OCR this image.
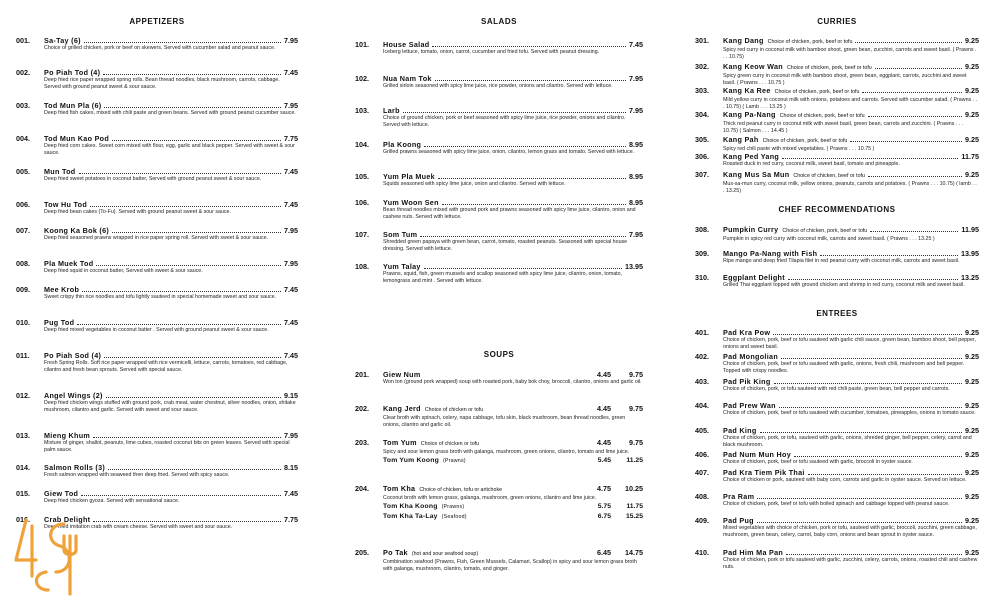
APPETIZERS
001.	Sa-Tay (6)	7.95
Choice of grilled chicken, pork or beef on skewers. Served with cucumber salad and peanut sauce.
002.	Po Piah Tod (4)	7.45
Deep fried rice paper wrapped spring rolls. Bean thread noodles, black mushroom, carrots, cabbage. Served with ground peanut sweet & sour sauce.
003.	Tod Mun Pla (6)	7.95
Deep fried fish cakes, mixed with chili paste and green beans. Served with ground peanut cucumber sauce.
004.	Tod Mun Kao Pod	7.75
Deep fried corn cakes. Sweet corn mixed with flour, egg, garlic and black pepper. Served with sweet & sour sauce.
005.	Mun Tod	7.45
Deep fried sweet potatoes in coconut batter, Served with ground peanut sweet & sour sauce.
006.	Tow Hu Tod	7.45
Deep fried bean cakes (To-Fu). Served with ground peanut sweet & sour sauce.
007.	Koong Ka Bok (6)	7.95
Deep fried seasoned prawns wrapped in rice paper spring roll. Served with sweet & sour sauce.
008.	Pla Muek Tod	7.95
Deep fried squid in coconut batter, Served with sweet & sour sauce.
009.	Mee Krob	7.45
Sweet crispy thin rice noodles and tofu lightly sauteed in special homemade sweet and sour sauce.
010.	Pug Tod	7.45
Deep fried mixed vegetables in coconut batter . Served with ground peanut sweet & sour sauce.
011.	Po Piah Sod (4)	7.45
Fresh Spring Rolls. Soft rice paper wrapped with rice vermicelli, lettuce, carrots, tomatoes, red cabbage, cilantro and fresh bean sprouts. Served with special sauce.
012.	Angel Wings (2)	9.15
Deep fried chicken wings stuffed with ground pork, crab meat, water chestnut, silver noodles, onion, shitake mushroom, cilantro and garlic. Served with sweet and sour sauce.
013.	Mieng Khum	7.95
Mixture of ginger, shallot, peanuts, lime cubes, roasted coconut bits on green leaves. Served with special palm sauce.
014.	Salmon Rolls (3)	8.15
Fresh salmon wrapped with seaweed then deep fried. Served with spicy sauce.
015.	Giew Tod	7.45
Deep fried chicken gyoza. Served with sensational sauce.
016.	Crab Delight	7.75
Deep fried imitation crab with cream cheese. Served with sweet and sour sauce.
SALADS
101.	House Salad	7.45
Iceberg lettuce, tomato, onion, carrot, cucumber and fried tofu. Served with peanut dressing.
102.	Nua Nam Tok	7.95
Grilled sirloin seasoned with spicy lime juice, rice powder, onions and cilantro. Served with lettuce.
103.	Larb	7.95
Choice of ground chicken, pork or beef seasoned with spicy lime juice, rice powder, onions and cilantro. Served with lettuce.
104.	Pla Koong	8.95
Grilled prawns seasoned with spicy lime juice, onion, cilantro, lemon grass and tomato. Served with lettuce.
105.	Yum Pla Muek	8.95
Squids seasoned with spicy lime juice, onion and cilantro. Served with lettuce.
106.	Yum Woon Sen	8.95
Bean thread noodles mixed with ground pork and prawns seasoned with spicy lime juice, cilantro, onion and cashew nuts. Served with lettuce.
107.	Som Tum	7.95
Shredded green papaya with green bean, carrot, tomato, roasted peanuts. Seasoned with special house dressing. Served with lettuce.
108.	Yum Talay	13.95
Prawns, squid, fish, green mussels and scallop seasoned with spicy lime juice, cilantro, onion, tomato, lemongrass and mint . Served with lettuce.
SOUPS
201.	Giew Num	4.45	9.75
Won ton (ground pork wrapped) soup with roasted pork, baby bok choy, broccoli, cilantro, onions and garlic oil.
202.	Kang Jerd Choice of chicken or tofu	4.45	9.75
Clear broth with spinach, celery, napa cabbage, tofu skin, black mushroom, bean thread noodles, green onions, cilantro and garlic oil.
203.	Tom Yum Choice of chicken or tofu	4.45	9.75
Spicy and sour lemon grass broth with galanga, mushroom, green onions, cilantro, tomato and lime juice.
Tom Yum Koong (Prawns)	5.45	11.25
204.	Tom Kha Choice of chicken, tofu or artichoke	4.75	10.25
Coconut broth with lemon grass, galanga, mushroom, green onions, cilantro and lime juice.
Tom Kha Koong (Prawns)	5.75	11.75
Tom Kha Ta-Lay (Seafood)	6.75	15.25
205.	Po Tak (hot and sour seafood soup)	6.45	14.75
Combination seafood (Prawns, Fish, Green Mussels, Calamari, Scallop) in spicy and sour lemon grass broth with galanga, mushroom, cilantro, tomato, and ginger.
CURRIES
301.	Kang Dang Choice of chicken, pork, beef or tofu	9.25
Spicy red curry in coconut milk with bamboo shoot, green bean, zucchini, carrots and sweet basil. ( Prawns . . . 10.75)
302.	Kang Keow Wan Choice of chicken, pork, beef or tofu	9.25
Spicy green curry in coconut milk with bamboo shoot, green bean, eggplant, carrots, zucchini and sweet basil. ( Prawns . . . 10.75 )
303.	Kang Ka Ree Choice of chicken, pork, beef or tofu	9.25
Mild yellow curry in coconut milk with onions, potatoes and carrots. Served with cucumber salad. ( Prawns . . . 10.75) ( Lamb . . . 13.25 )
304.	Kang Pa-Nang Choice of chicken, pork, beef or tofu	9.25
Thick red peanut curry in coconut milk with sweet basil, green bean, carrots and zucchini. ( Prawns . . . 10.75) ( Salmon . . . 14.45 )
305.	Kang Pah Choice of chicken, pork, beef or tofu	9.25
Spicy red chili paste with mixed vegetables. ( Prawns . . . 10.75 )
306.	Kang Ped Yang	11.75
Roasted duck in red curry, coconut milk, sweet basil, tomato and pineapple.
307.	Kang Mus Sa Mun Choice of chicken, beef or tofu	9.25
Mus-sa-mun curry, coconut milk, yellow onions, peanuts, carrots and potatoes. ( Prawns . . . 10.75) ( lamb . . . 13.25)
CHEF RECOMMENDATIONS
308.	Pumpkin Curry Choice of chicken, pork, beef or tofu	11.95
Pumpkin in spicy red curry with coconut milk, carrots and sweet basil. ( Prawns . . . 13.25 )
309.	Mango Pa-Nang with Fish	13.95
Ripe mango and deep fried Tilapia filet in red peanut curry with coconut milk, carrots and sweet basil.
310.	Eggplant Delight	13.25
Grilled Thai eggplant topped with ground chicken and shrimp in red curry, coconut milk and sweet basil.
ENTREES
401.	Pad Kra Pow	9.25
Choice of chicken, pork, beef or tofu sauteed with garlic chili sauce, green bean, bamboo shoot, bell pepper, onions and sweet basil.
402.	Pad Mongolian	9.25
Choice of chicken, pork, beef or tofu sauteed with garlic, onions, fresh chili, mushroom and bell pepper. Topped with crispy noodles.
403.	Pad Pik King	9.25
Choice of chicken, pork, or tofu sauteed with red chili paste, green bean, bell pepper and carrots.
404.	Pad Prew Wan	9.25
Choice of chicken, pork, beef or tofu sauteed with cucumber, tomatoes, pineapples, onions in tomato sauce.
405.	Pad King	9.25
Choice of chicken, pork, or tofu, sauteed with garlic, onions, shreded ginger, bell pepper, celery, carrot and black mushroom.
406.	Pad Num Mun Hoy	9.25
Choice of chicken, pork, beef or tofu sauteed with garlic, broccoli in oyster sauce.
407.	Pad Kra Tiem Pik Thai	9.25
Choice of chicken or pork, sauteed with baby corn, carrots and garlic in oyster sauce. Served on lettuce.
408.	Pra Ram	9.25
Choice of chicken, pork, beef or tofu with boiled spinach and cabbage topped with peanut sauce.
409.	Pad Pug	9.25
Mixed vegetables with choice of chicken, pork or tofu, sauteed with garlic, broccoli, zucchini, green cabbage, mushroom, green bean, celery, carrot, baby corn, onions and bean sprout in oyster sauce.
410.	Pad Him Ma Pan	9.25
Choice of chicken, pork or tofu sauteed with garlic, zucchini, celery, carrots, onions, roasted chili and cashew nuts.
